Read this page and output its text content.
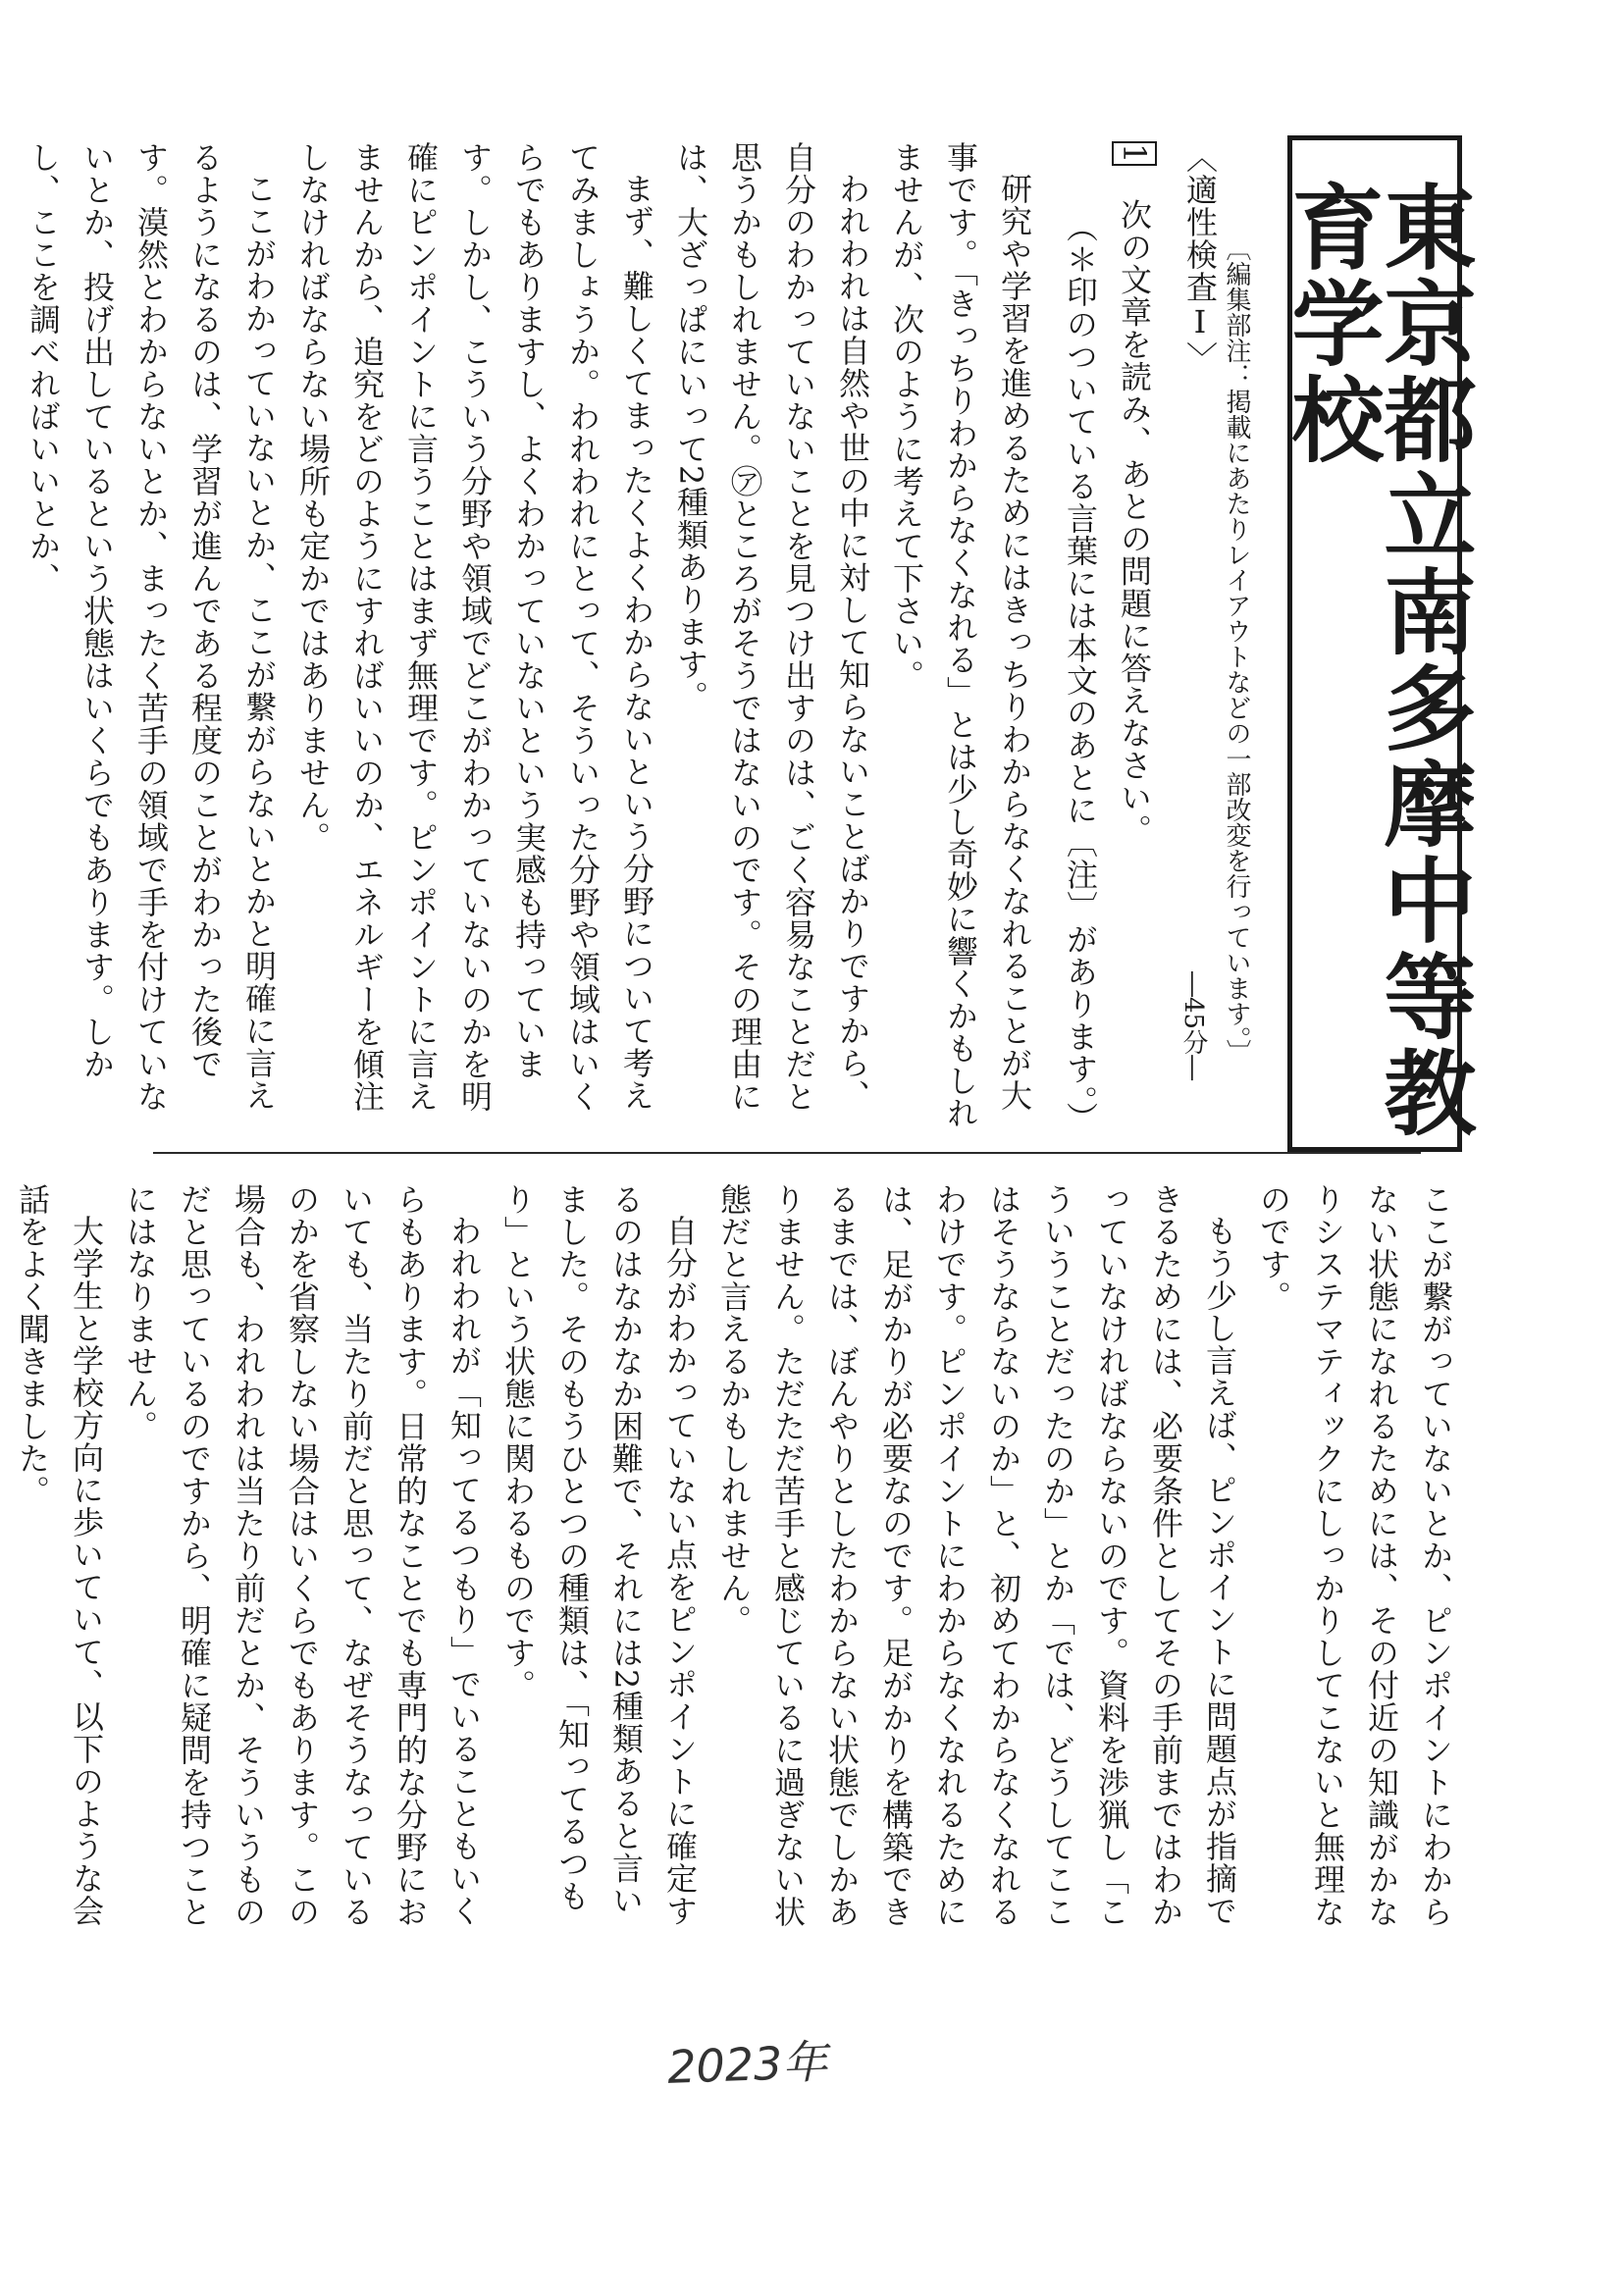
東京都立南多摩中等教育学校
〔編集部注：掲載にあたりレイアウトなどの一部改変を行っています。〕
―45分―

〈適性検査Ⅰ〉

1　次の文章を読み、あとの問題に答えなさい。

（＊印のついている言葉には本文のあとに〔注〕があります。）

研究や学習を進めるためにはきっちりわからなくなれることが大事です。「きっちりわからなくなれる」とは少し奇妙に響くかもしれませんが、次のように考えて下さい。

われわれは自然や世の中に対して知らないことばかりですから、自分のわかっていないことを見つけ出すのは、ごく容易なことだと思うかもしれません。㋐ところがそうではないのです。その理由には、大ざっぱにいって2種類あります。

まず、難しくてまったくよくわからないという分野について考えてみましょうか。われわれにとって、そういった分野や領域はいくらでもありますし、よくわかっていないという実感も持っています。しかし、こういう分野や領域でどこがわかっていないのかを明確にピンポイントに言うことはまず無理です。ピンポイントに言えませんから、追究をどのようにすればいいのか、エネルギーを傾注しなければならない場所も定かではありません。

ここがわかっていないとか、ここが繋がらないとかと明確に言えるようになるのは、学習が進んである程度のことがわかった後です。漠然とわからないとか、まったく苦手の領域で手を付けていないとか、投げ出しているという状態はいくらでもあります。しかし、ここを調べればいいとか、

ここが繋がっていないとか、ピンポイントにわからない状態になれるためには、その付近の知識がかなりシステマティックにしっかりしてこないと無理なのです。

もう少し言えば、ピンポイントに問題点が指摘できるためには、必要条件としてその手前まではわかっていなければならないのです。資料を渉猟し「こういうことだったのか」とか「では、どうしてここはそうならないのか」と、初めてわからなくなれるわけです。ピンポイントにわからなくなれるためには、足がかりが必要なのです。足がかりを構築できるまでは、ぼんやりとしたわからない状態でしかありません。ただただ苦手と感じているに過ぎない状態だと言えるかもしれません。

自分がわかっていない点をピンポイントに確定するのはなかなか困難で、それには2種類あると言いました。そのもうひとつの種類は、「知ってるつもり」という状態に関わるものです。

われわれが「知ってるつもり」でいることもいくらもあります。日常的なことでも専門的な分野においても、当たり前だと思って、なぜそうなっているのかを省察しない場合はいくらでもあります。この場合も、われわれは当たり前だとか、そういうものだと思っているのですから、明確に疑問を持つことにはなりません。

大学生と学校方向に歩いていて、以下のような会話をよく聞きました。

2023年
